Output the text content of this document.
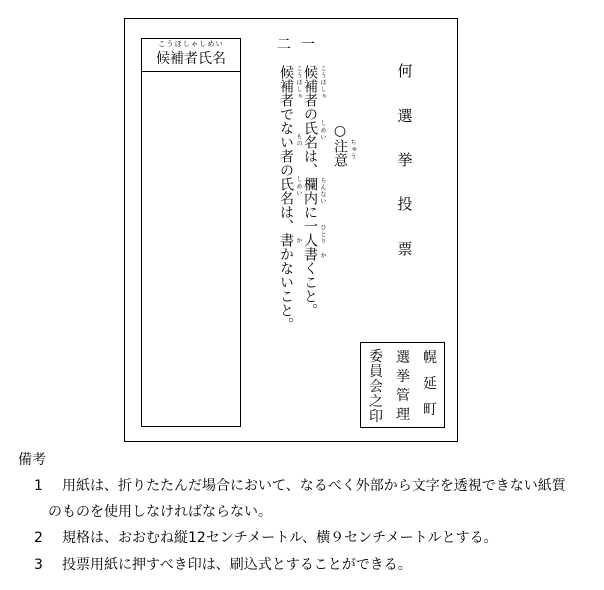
こうほしゃしめい
候補者氏名
二 一
候補者の氏名は、欄内に一人書くこと。 こうほしゃ
しめい
らんない
ひとり
か
候補者でない者の氏名は、書かないこと。 こうほしゃ
もの
しめい
か
○注意 ちゅう
何
選
挙
投
票
幌
延
町
選
挙
管
理
委
員
会
之
印
備考
1 用紙は、折りたたんだ場合において、なるべく外部から文字を透視できない紙質
のものを使用しなければならない。
2 規格は、おおむね縦12センチメートル、横９センチメートルとする。
3 投票用紙に押すべき印は、刷込式とすることができる。
